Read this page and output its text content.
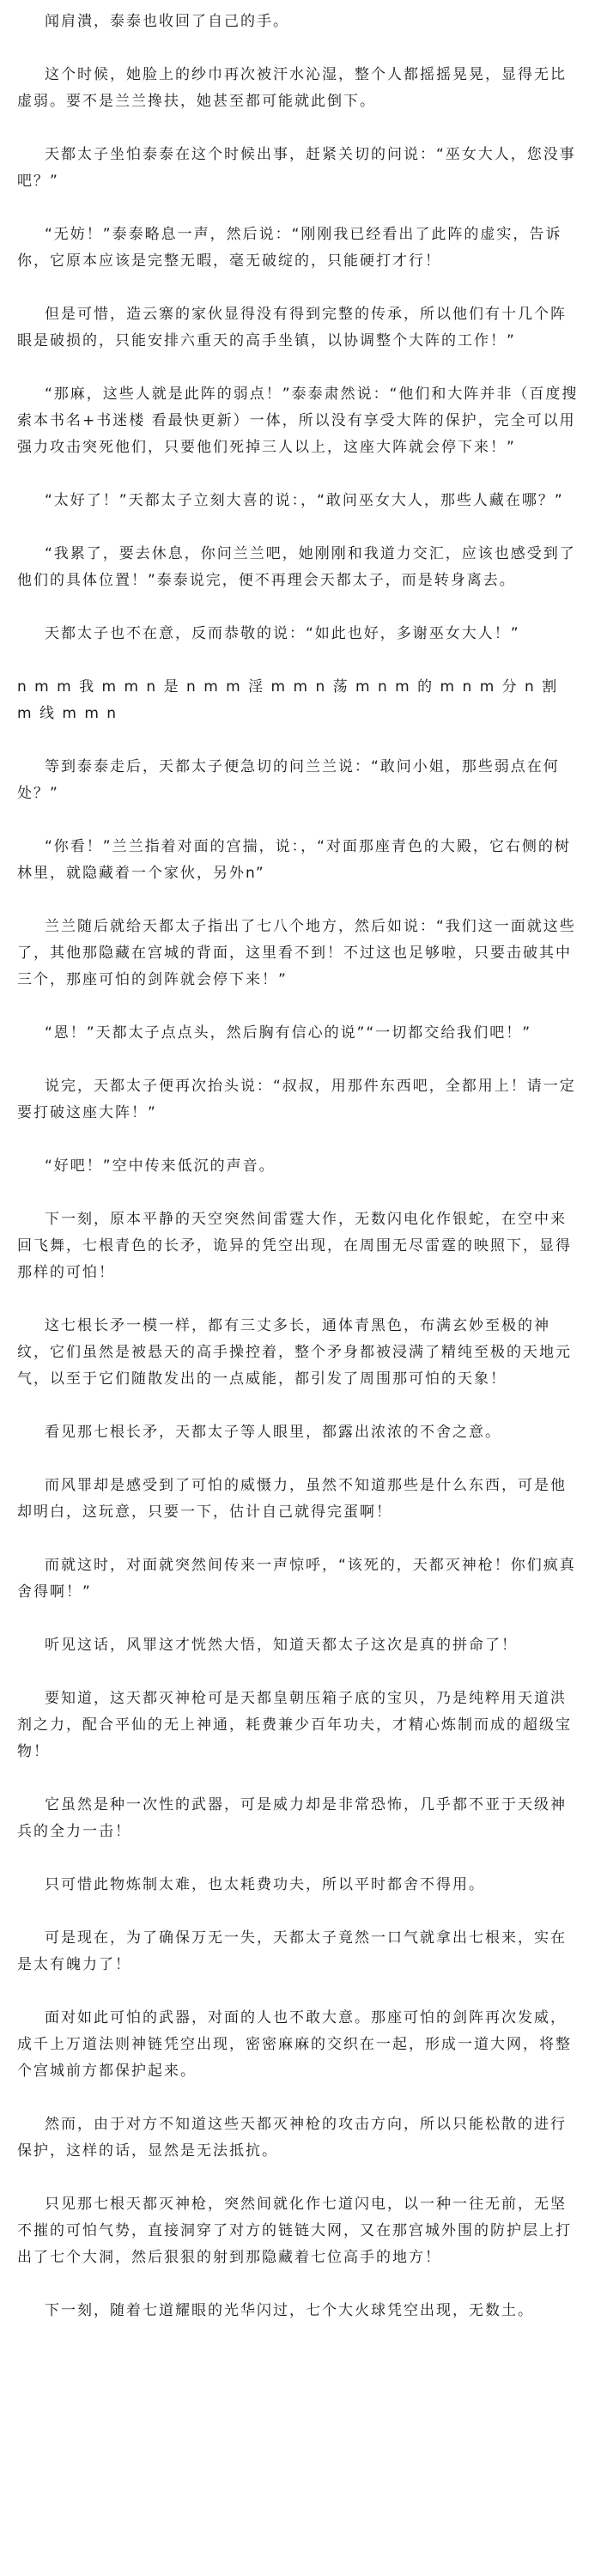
闻肩潰，泰泰也收回了自己的手。

这个时候，她脸上的纱巾再次被汗水沁湿，整个人都摇摇晃晃，显得无比虚弱。要不是兰兰搀扶，她甚至都可能就此倒下。

天都太子坐怕泰泰在这个时候出事，赶紧关切的问说：“巫女大人，您没事吧？”

“无妨！”泰泰略息一声，然后说：“刚刚我已经看出了此阵的虚实，告诉你，它原本应该是完整无暇，毫无破绽的，只能硬打才行！

但是可惜，造云寨的家伙显得没有得到完整的传承，所以他们有十几个阵眼是破损的，只能安排六重天的高手坐镇，以协调整个大阵的工作！”

“那麻，这些人就是此阵的弱点！”泰泰肃然说：“他们和大阵并非（百度搜索本书名+书迷楼 看最快更新）一体，所以没有享受大阵的保护，完全可以用强力攻击突死他们，只要他们死掉三人以上，这座大阵就会停下来！”

“太好了！”天都太子立刻大喜的说：，“敢问巫女大人，那些人藏在哪？”

“我累了，要去休息，你问兰兰吧，她刚刚和我道力交汇，应该也感受到了他们的具体位置！”泰泰说完，便不再理会天都太子，而是转身离去。

天都太子也不在意，反而恭敬的说：“如此也好，多谢巫女大人！”

n m m 我 m m n 是 n m m 淫 m m n 荡 m n m 的 m n m 分 n 割 m 线 m m n

等到泰泰走后，天都太子便急切的问兰兰说：“敢问小姐，那些弱点在何处？”

“你看！”兰兰指着对面的宫揣，说：，“对面那座青色的大殿，它右侧的树林里，就隐藏着一个家伙，另外n”

兰兰随后就给天都太子指出了七八个地方，然后如说：“我们这一面就这些了，其他那隐藏在宫城的背面，这里看不到！不过这也足够啦，只要击破其中三个，那座可怕的剑阵就会停下来！”

“恩！”天都太子点点头，然后胸有信心的说”“一切都交给我们吧！”

说完，天都太子便再次抬头说：“叔叔，用那件东西吧，全都用上！请一定要打破这座大阵！”

“好吧！”空中传来低沉的声音。

下一刻，原本平静的天空突然间雷霆大作，无数闪电化作银蛇，在空中来回飞舞，七根青色的长矛，诡异的凭空出现，在周围无尽雷霆的映照下，显得那样的可怕！

这七根长矛一模一样，都有三丈多长，通体青黑色，布满玄妙至极的神纹，它们虽然是被悬天的高手操控着，整个矛身都被浸满了精纯至极的天地元气，以至于它们随散发出的一点威能，都引发了周围那可怕的天象！

看见那七根长矛，天都太子等人眼里，都露出浓浓的不舍之意。

而风罪却是感受到了可怕的威慑力，虽然不知道那些是什么东西，可是他却明白，这玩意，只要一下，估计自己就得完蛋啊！

而就这时，对面就突然间传来一声惊呼，“该死的，天都灭神枪！你们疯真舍得啊！”

听见这话，风罪这才恍然大悟，知道天都太子这次是真的拼命了！

要知道，这天都灭神枪可是天都皇朝压箱子底的宝贝，乃是纯粹用天道洪剂之力，配合平仙的无上神通，耗费兼少百年功夫，才精心炼制而成的超级宝物！

它虽然是种一次性的武器，可是威力却是非常恐怖，几乎都不亚于天级神兵的全力一击！

只可惜此物炼制太难，也太耗费功夫，所以平时都舍不得用。

可是现在，为了确保万无一失，天都太子竟然一口气就拿出七根来，实在是太有魄力了！

面对如此可怕的武器，对面的人也不敢大意。那座可怕的剑阵再次发威，成千上万道法则神链凭空出现，密密麻麻的交织在一起，形成一道大网，将整个宫城前方都保护起来。

然而，由于对方不知道这些天都灭神枪的攻击方向，所以只能松散的进行保护，这样的话，显然是无法抵抗。

只见那七根天都灭神枪，突然间就化作七道闪电，以一种一往无前，无坚不摧的可怕气势，直接洞穿了对方的链链大网，又在那宫城外围的防护层上打出了七个大洞，然后狠狠的射到那隐藏着七位高手的地方！

下一刻，随着七道耀眼的光华闪过，七个大火球凭空出现，无数土。
